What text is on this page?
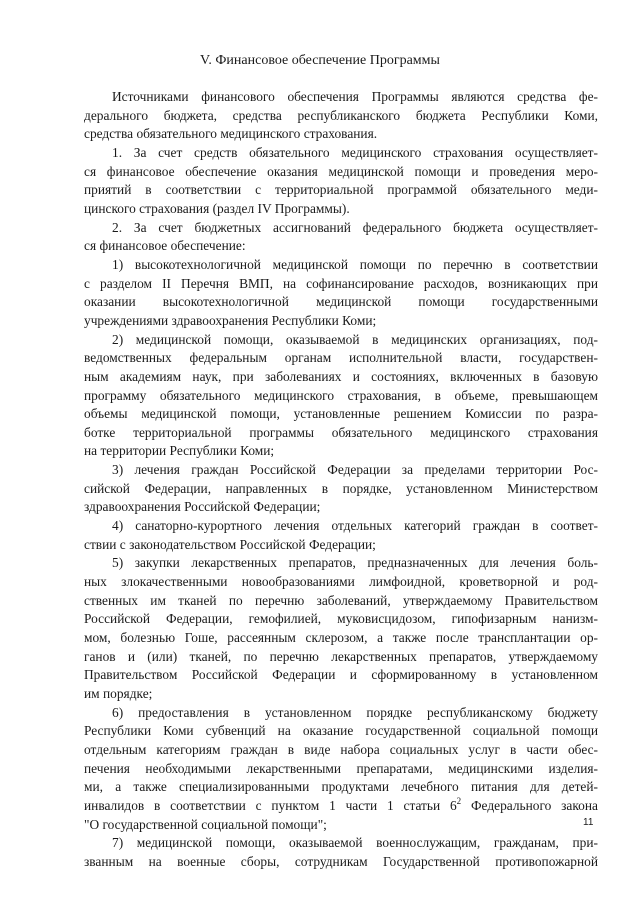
V. Финансовое обеспечение Программы

Источниками финансового обеспечения Программы являются средства фе-
дерального бюджета, средства республиканского бюджета Республики Коми,
средства обязательного медицинского страхования.

1. За счет средств обязательного медицинского страхования осуществляет-
ся финансовое обеспечение оказания медицинской помощи и проведения меро-
приятий в соответствии с территориальной программой обязательного меди-
цинского страхования (раздел IV Программы).

2. За счет бюджетных ассигнований федерального бюджета осуществляет-
ся финансовое обеспечение:

1) высокотехнологичной медицинской помощи по перечню в соответствии
с разделом II Перечня ВМП, на софинансирование расходов, возникающих при
оказании высокотехнологичной медицинской помощи государственными
учреждениями здравоохранения Республики Коми;

2) медицинской помощи, оказываемой в медицинских организациях, под-
ведомственных федеральным органам исполнительной власти, государствен-
ным академиям наук, при заболеваниях и состояниях, включенных в базовую
программу обязательного медицинского страхования, в объеме, превышающем
объемы медицинской помощи, установленные решением Комиссии по разра-
ботке территориальной программы обязательного медицинского страхования
на территории Республики Коми;

3) лечения граждан Российской Федерации за пределами территории Рос-
сийской Федерации, направленных в порядке, установленном Министерством
здравоохранения Российской Федерации;

4) санаторно-курортного лечения отдельных категорий граждан в соответ-
ствии с законодательством Российской Федерации;

5) закупки лекарственных препаратов, предназначенных для лечения боль-
ных злокачественными новообразованиями лимфоидной, кроветворной и род-
ственных им тканей по перечню заболеваний, утверждаемому Правительством
Российской Федерации, гемофилией, муковисцидозом, гипофизарным нанизм-
мом, болезнью Гоше, рассеянным склерозом, а также после трансплантации ор-
ганов и (или) тканей, по перечню лекарственных препаратов, утверждаемому
Правительством Российской Федерации и сформированному в установленном
им порядке;

6) предоставления в установленном порядке республиканскому бюджету
Республики Коми субвенций на оказание государственной социальной помощи
отдельным категориям граждан в виде набора социальных услуг в части обес-
печения необходимыми лекарственными препаратами, медицинскими изделия-
ми, а также специализированными продуктами лечебного питания для детей-
инвалидов в соответствии с пунктом 1 части 1 статьи $6^2$ Федерального закона
"О государственной социальной помощи";

7) медицинской помощи, оказываемой военнослужащим, гражданам, при-
званным на военные сборы, сотрудникам Государственной противопожарной

11
